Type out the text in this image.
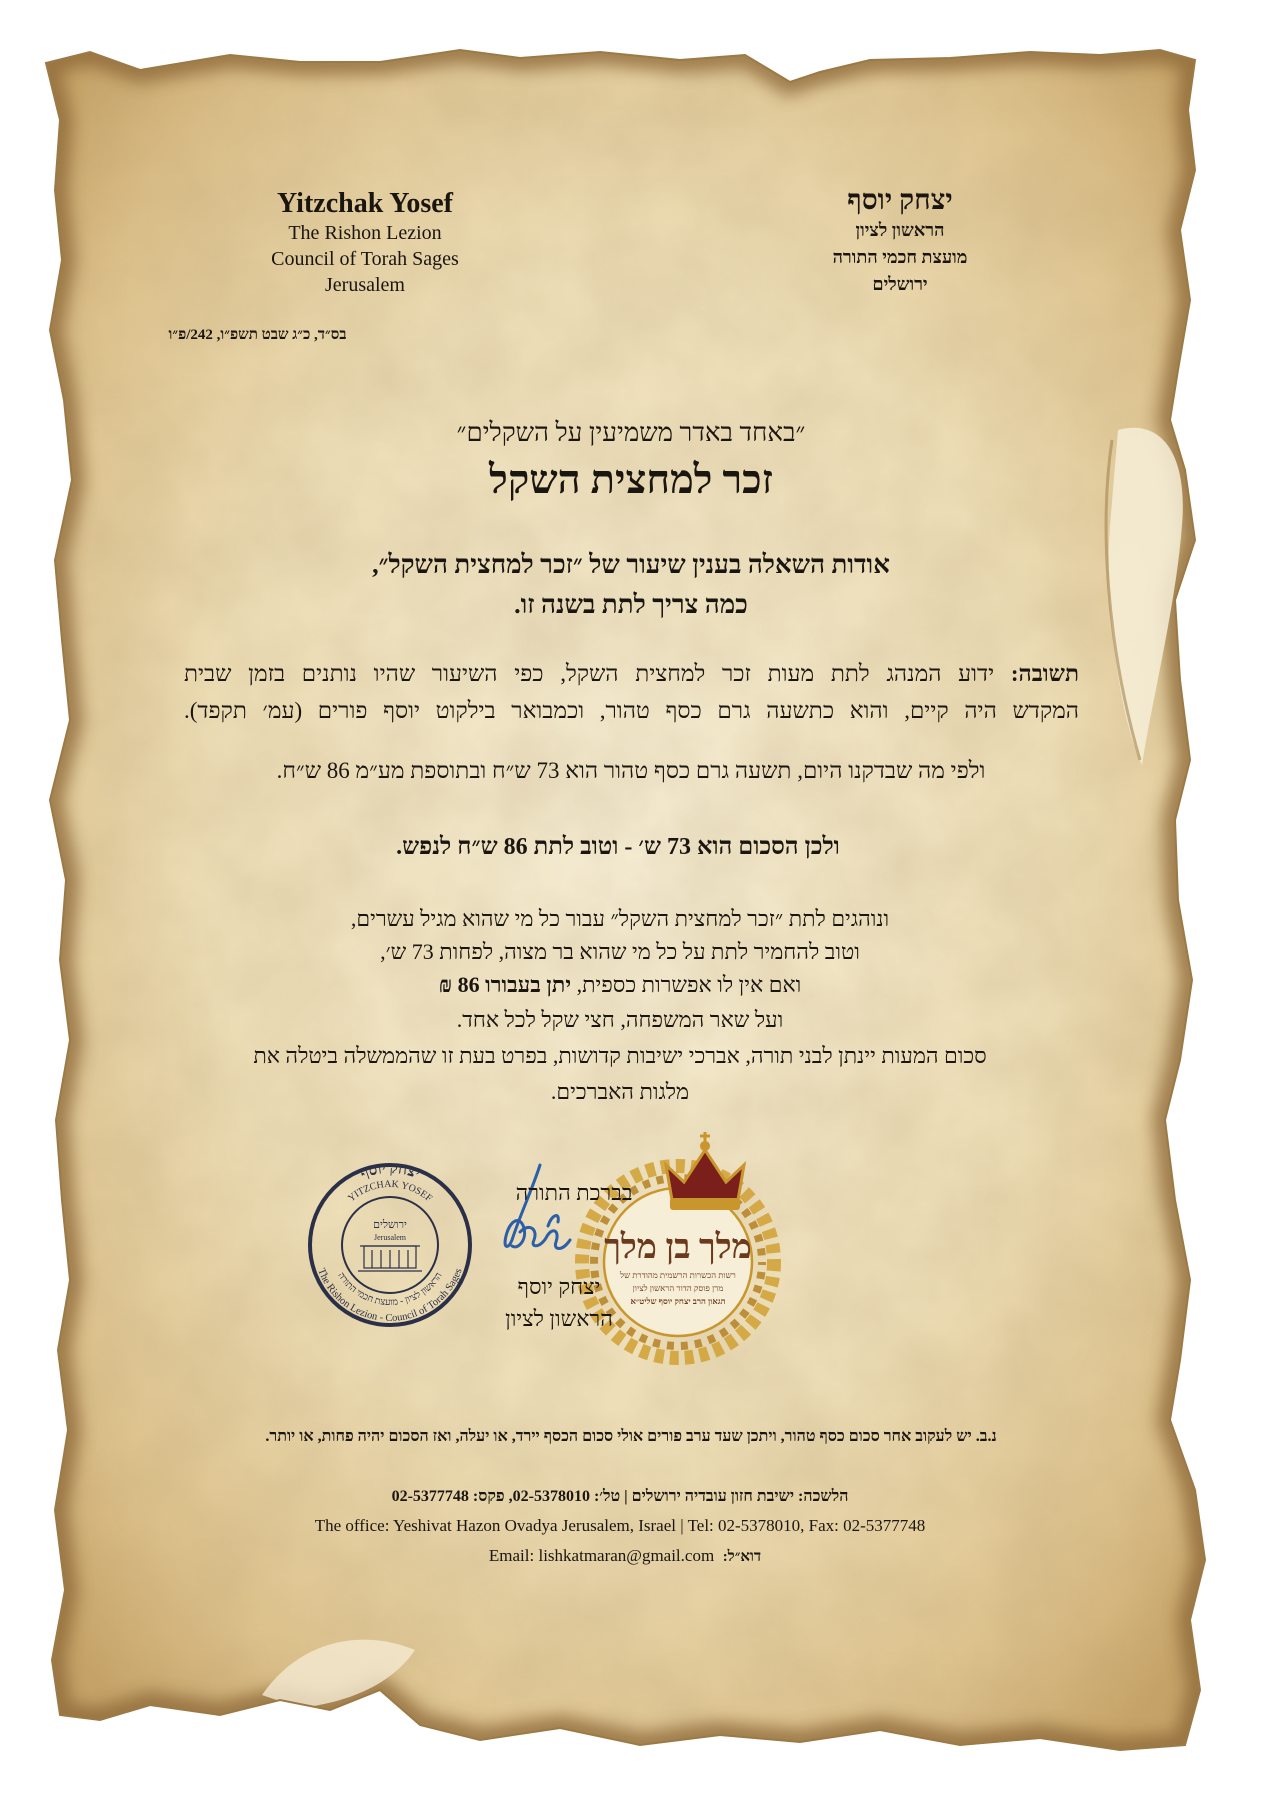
יצחק יוסף
YITZCHAK YOSEF
The Rishon Lezion - Council of Torah Sages
הראשון לציון - מועצת חכמי התורה
ירושלים
Jerusalem	מלך בן מלך
רשות הכשרות הרשמית מהודרת של
מרן פוסק הדור הראשון לציון
הגאון הרב יצחק יוסף שליט״א
Yitzchak Yosef
The Rishon Lezion
Council of Torah Sages
Jerusalem
יצחק יוסף
הראשון לציון
מועצת חכמי התורה
ירושלים
בס״ד, כ״ג שבט תשפ״ו, 242/פ״ו
״באחד באדר משמיעין על השקלים״
זכר למחצית השקל
אודות השאלה בענין שיעור של ״זכר למחצית השקל״,
כמה צריך לתת בשנה זו.
תשובה: ידוע המנהג לתת מעות זכר למחצית השקל, כפי השיעור שהיו נותנים בזמן שבית
המקדש היה קיים, והוא כתשעה גרם כסף טהור, וכמבואר בילקוט יוסף פורים (עמ׳ תקפד).
ולפי מה שבדקנו היום, תשעה גרם כסף טהור הוא 73 ש״ח ובתוספת מע״מ 86 ש״ח.
ולכן הסכום הוא 73 ש׳ - וטוב לתת 86 ש״ח לנפש.
ונוהגים לתת ״זכר למחצית השקל״ עבור כל מי שהוא מגיל עשרים,
וטוב להחמיר לתת על כל מי שהוא בר מצוה, לפחות 73 ש׳,
ואם אין לו אפשרות כספית, יתן בעבורו 86 ₪
ועל שאר המשפחה, חצי שקל לכל אחד.
סכום המעות יינתן לבני תורה, אברכי ישיבות קדושות, בפרט בעת זו שהממשלה ביטלה את
מלגות האברכים.
בברכת התורה
יצחק יוסף
הראשון לציון
נ.ב. יש לעקוב אחר סכום כסף טהור, ויתכן שעד ערב פורים אולי סכום הכסף יירד, או יעלה, ואז הסכום יהיה פחות, או יותר.
הלשכה: ישיבת חזון עובדיה ירושלים | טל׳: 02-5378010, פקס: 02-5377748
The office: Yeshivat Hazon Ovadya Jerusalem, Israel | Tel: 02-5378010, Fax: 02-5377748
Email: lishkatmaran@gmail.com דוא״ל:
